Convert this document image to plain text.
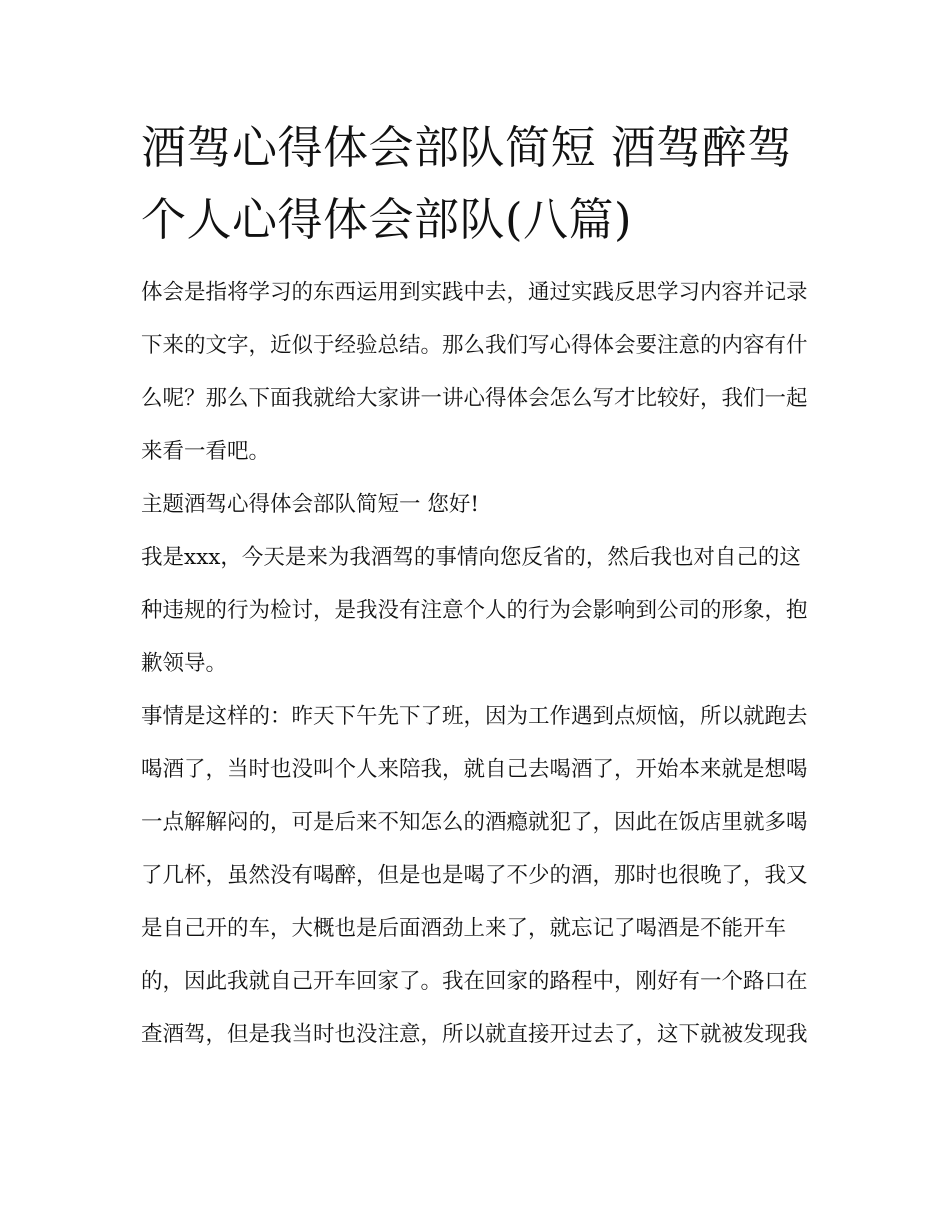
酒驾心得体会部队简短 酒驾醉驾个人心得体会部队(八篇)

体会是指将学习的东西运用到实践中去，通过实践反思学习内容并记录下来的文字，近似于经验总结。那么我们写心得体会要注意的内容有什么呢？那么下面我就给大家讲一讲心得体会怎么写才比较好，我们一起来看一看吧。

主题酒驾心得体会部队简短一 您好!

我是xxx，今天是来为我酒驾的事情向您反省的，然后我也对自己的这种违规的行为检讨，是我没有注意个人的行为会影响到公司的形象，抱歉领导。

事情是这样的：昨天下午先下了班，因为工作遇到点烦恼，所以就跑去喝酒了，当时也没叫个人来陪我，就自己去喝酒了，开始本来就是想喝一点解解闷的，可是后来不知怎么的酒瘾就犯了，因此在饭店里就多喝了几杯，虽然没有喝醉，但是也是喝了不少的酒，那时也很晚了，我又是自己开的车，大概也是后面酒劲上来了，就忘记了喝酒是不能开车的，因此我就自己开车回家了。我在回家的路程中，刚好有一个路口在查酒驾，但是我当时也没注意，所以就直接开过去了，这下就被发现我
